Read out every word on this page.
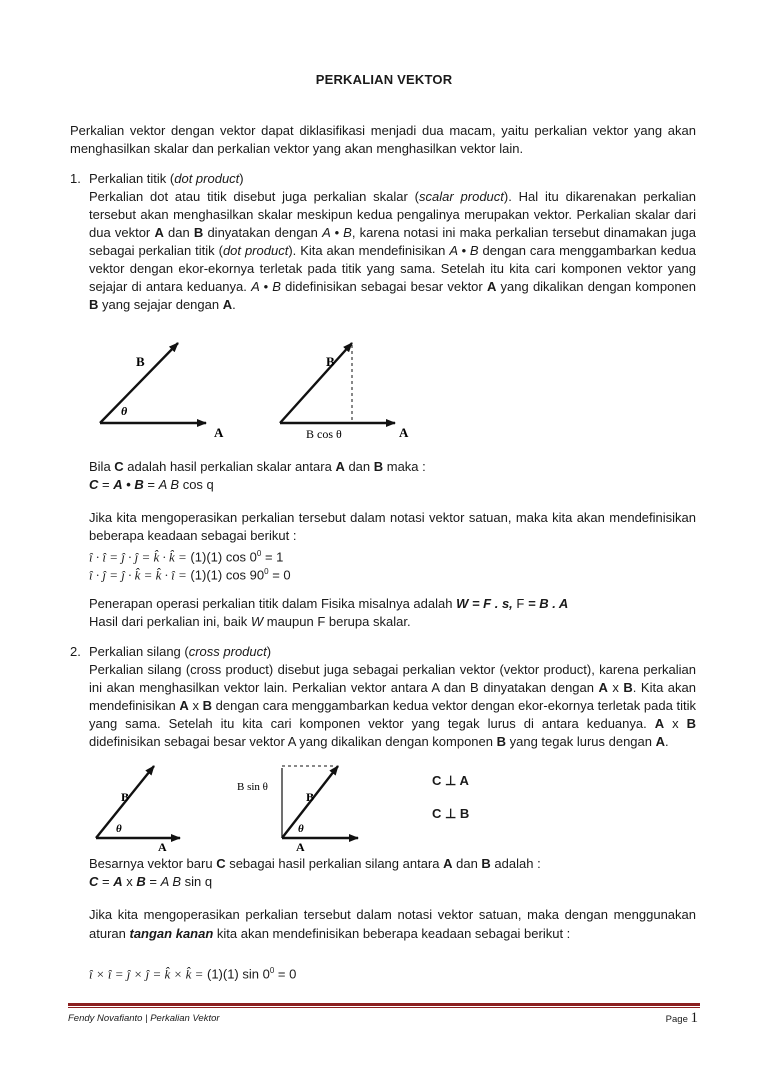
PERKALIAN VEKTOR
Perkalian vektor dengan vektor dapat diklasifikasi menjadi dua macam, yaitu perkalian vektor yang akan menghasilkan skalar dan perkalian vektor yang akan menghasilkan vektor lain.
1. Perkalian titik (dot product)
Perkalian dot atau titik disebut juga perkalian skalar (scalar product). Hal itu dikarenakan perkalian tersebut akan menghasilkan skalar meskipun kedua pengalinya merupakan vektor. Perkalian skalar dari dua vektor A dan B dinyatakan dengan A • B, karena notasi ini maka perkalian tersebut dinamakan juga sebagai perkalian titik (dot product). Kita akan mendefinisikan A • B dengan cara menggambarkan kedua vektor dengan ekor-ekornya terletak pada titik yang sama. Setelah itu kita cari komponen vektor yang sejajar di antara keduanya. A • B didefinisikan sebagai besar vektor A yang dikalikan dengan komponen B yang sejajar dengan A.
B
A
θ
B
A
B cos θ
Bila C adalah hasil perkalian skalar antara A dan B maka :
C = A • B = A B cos q
Jika kita mengoperasikan perkalian tersebut dalam notasi vektor satuan, maka kita akan mendefinisikan beberapa keadaan sebagai berikut :
î · î = ĵ · ĵ = k̂ · k̂ = (1)(1) $\cos 0^0 = 1$
î · ĵ = ĵ · k̂ = k̂ · î = (1)(1) $\cos 90^0 = 0$
Penerapan operasi perkalian titik dalam Fisika misalnya adalah W = F . s, F = B . A
Hasil dari perkalian ini, baik W maupun F berupa skalar.
2. Perkalian silang (cross product)
Perkalian silang (cross product) disebut juga sebagai perkalian vektor (vektor product), karena perkalian ini akan menghasilkan vektor lain. Perkalian vektor antara A dan B dinyatakan dengan A x B. Kita akan mendefinisikan A x B dengan cara menggambarkan kedua vektor dengan ekor-ekornya terletak pada titik yang sama. Setelah itu kita cari komponen vektor yang tegak lurus di antara keduanya. A x B didefinisikan sebagai besar vektor A yang dikalikan dengan komponen B yang tegak lurus dengan A.
B
A
θ
B sin θ
B
A
θ
C ⊥ A
C ⊥ B
Besarnya vektor baru C sebagai hasil perkalian silang antara A dan B adalah :
C = A x B = A B sin q
Jika kita mengoperasikan perkalian tersebut dalam notasi vektor satuan, maka dengan menggunakan aturan tangan kanan kita akan mendefinisikan beberapa keadaan sebagai berikut :
î × î = ĵ × ĵ = k̂ × k̂ = (1)(1) $\sin 0^0 = 0$
Fendy Novafianto | Perkalian Vektor	Page 1
